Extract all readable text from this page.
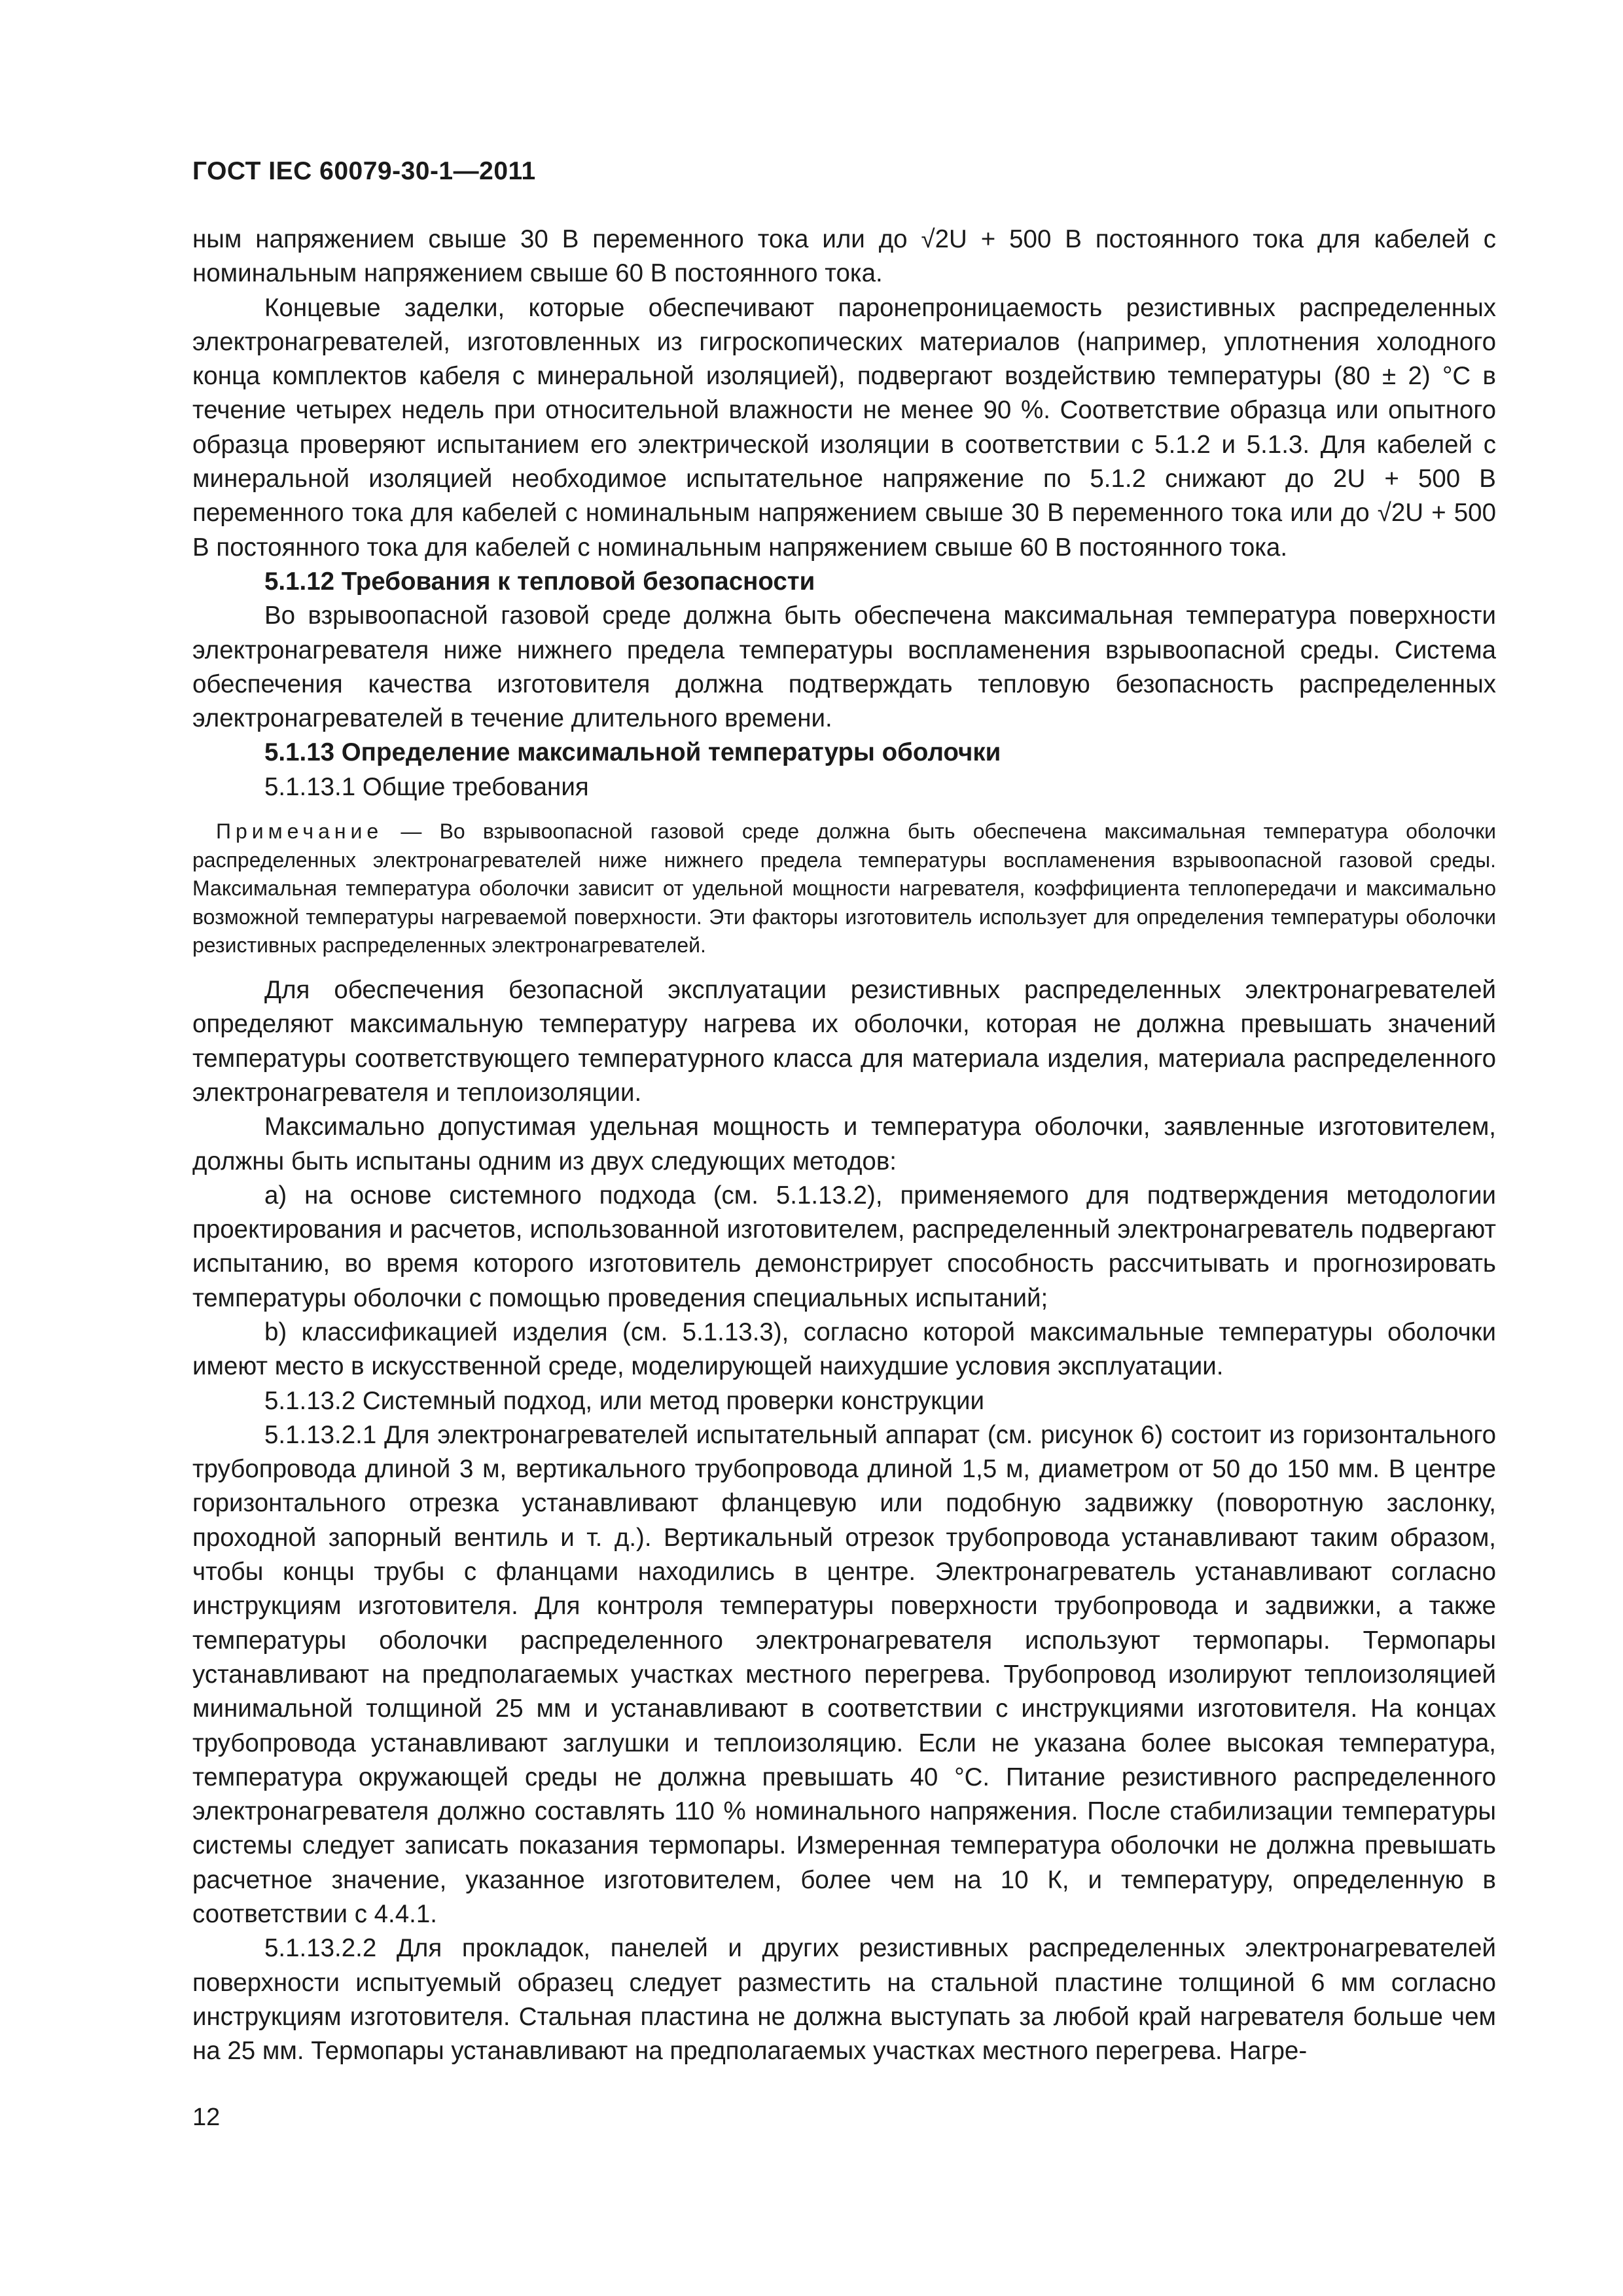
ГОСТ IEC 60079-30-1—2011

ным напряжением свыше 30 В переменного тока или до √2U + 500 В постоянного тока для кабелей с номинальным напряжением свыше 60 В постоянного тока.

Концевые заделки, которые обеспечивают паронепроницаемость резистивных распределенных электронагревателей, изготовленных из гигроскопических материалов (например, уплотнения холодного конца комплектов кабеля с минеральной изоляцией), подвергают воздействию температуры (80 ± 2) °С в течение четырех недель при относительной влажности не менее 90 %. Соответствие образца или опытного образца проверяют испытанием его электрической изоляции в соответствии с 5.1.2 и 5.1.3. Для кабелей с минеральной изоляцией необходимое испытательное напряжение по 5.1.2 снижают до 2U + 500 В переменного тока для кабелей с номинальным напряжением свыше 30 В переменного тока или до √2U + 500 В постоянного тока для кабелей с номинальным напряжением свыше 60 В постоянного тока.

5.1.12 Требования к тепловой безопасности

Во взрывоопасной газовой среде должна быть обеспечена максимальная температура поверхности электронагревателя ниже нижнего предела температуры воспламенения взрывоопасной среды. Система обеспечения качества изготовителя должна подтверждать тепловую безопасность распределенных электронагревателей в течение длительного времени.

5.1.13 Определение максимальной температуры оболочки

5.1.13.1 Общие требования

Примечание — Во взрывоопасной газовой среде должна быть обеспечена максимальная температура оболочки распределенных электронагревателей ниже нижнего предела температуры воспламенения взрывоопасной газовой среды. Максимальная температура оболочки зависит от удельной мощности нагревателя, коэффициента теплопередачи и максимально возможной температуры нагреваемой поверхности. Эти факторы изготовитель использует для определения температуры оболочки резистивных распределенных электронагревателей.

Для обеспечения безопасной эксплуатации резистивных распределенных электронагревателей определяют максимальную температуру нагрева их оболочки, которая не должна превышать значений температуры соответствующего температурного класса для материала изделия, материала распределенного электронагревателя и теплоизоляции.

Максимально допустимая удельная мощность и температура оболочки, заявленные изготовителем, должны быть испытаны одним из двух следующих методов:

a) на основе системного подхода (см. 5.1.13.2), применяемого для подтверждения методологии проектирования и расчетов, использованной изготовителем, распределенный электронагреватель подвергают испытанию, во время которого изготовитель демонстрирует способность рассчитывать и прогнозировать температуры оболочки с помощью проведения специальных испытаний;

b) классификацией изделия (см. 5.1.13.3), согласно которой максимальные температуры оболочки имеют место в искусственной среде, моделирующей наихудшие условия эксплуатации.

5.1.13.2 Системный подход, или метод проверки конструкции

5.1.13.2.1 Для электронагревателей испытательный аппарат (см. рисунок 6) состоит из горизонтального трубопровода длиной 3 м, вертикального трубопровода длиной 1,5 м, диаметром от 50 до 150 мм. В центре горизонтального отрезка устанавливают фланцевую или подобную задвижку (поворотную заслонку, проходной запорный вентиль и т. д.). Вертикальный отрезок трубопровода устанавливают таким образом, чтобы концы трубы с фланцами находились в центре. Электронагреватель устанавливают согласно инструкциям изготовителя. Для контроля температуры поверхности трубопровода и задвижки, а также температуры оболочки распределенного электронагревателя используют термопары. Термопары устанавливают на предполагаемых участках местного перегрева. Трубопровод изолируют теплоизоляцией минимальной толщиной 25 мм и устанавливают в соответствии с инструкциями изготовителя. На концах трубопровода устанавливают заглушки и теплоизоляцию. Если не указана более высокая температура, температура окружающей среды не должна превышать 40 °С. Питание резистивного распределенного электронагревателя должно составлять 110 % номинального напряжения. После стабилизации температуры системы следует записать показания термопары. Измеренная температура оболочки не должна превышать расчетное значение, указанное изготовителем, более чем на 10 К, и температуру, определенную в соответствии с 4.4.1.

5.1.13.2.2 Для прокладок, панелей и других резистивных распределенных электронагревателей поверхности испытуемый образец следует разместить на стальной пластине толщиной 6 мм согласно инструкциям изготовителя. Стальная пластина не должна выступать за любой край нагревателя больше чем на 25 мм. Термопары устанавливают на предполагаемых участках местного перегрева. Нагре-

12
